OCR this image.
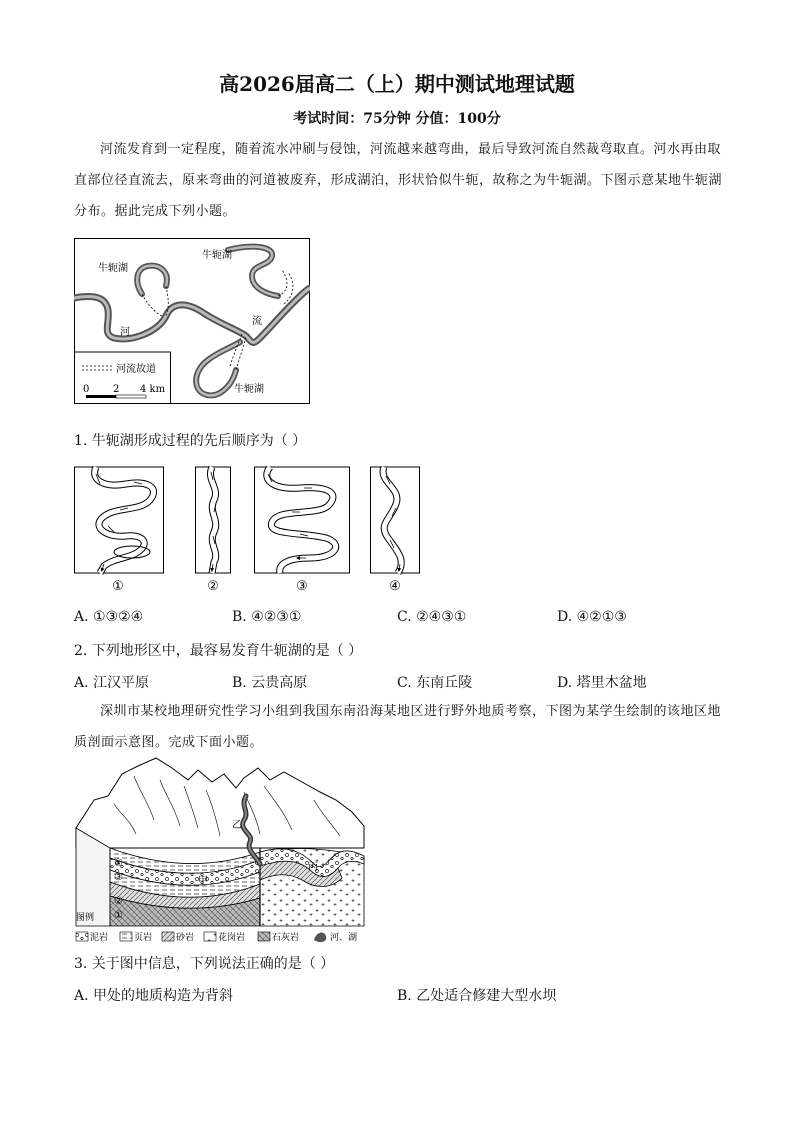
高2026届高二（上）期中测试地理试题
考试时间：75分钟 分值：100分
河流发育到一定程度，随着流水冲刷与侵蚀，河流越来越弯曲，最后导致河流自然裁弯取直。河水再由取直部位径直流去，原来弯曲的河道被废弃，形成湖泊，形状恰似牛轭，故称之为牛轭湖。下图示意某地牛轭湖分布。据此完成下列小题。
牛轭湖
牛轭湖
河
流
牛轭湖
河流故道
0 2 4 km
1. 牛轭湖形成过程的先后顺序为（ ）
①	②	③	④
A. ①③②④	B. ④②③①	C. ②④③①	D. ④②①③
2. 下列地形区中，最容易发育牛轭湖的是（ ）
A. 江汉平原	B. 云贵高原	C. 东南丘陵	D. 塔里木盆地
深圳市某校地理研究性学习小组到我国东南沿海某地区进行野外地质考察，下图为某学生绘制的该地区地质剖面示意图。完成下面小题。
甲
乙
丙
④
③
②
①
图例
泥岩	页岩	砂岩	花岗岩	石灰岩	河、湖
3. 关于图中信息，下列说法正确的是（ ）
A. 甲处的地质构造为背斜	B. 乙处适合修建大型水坝
